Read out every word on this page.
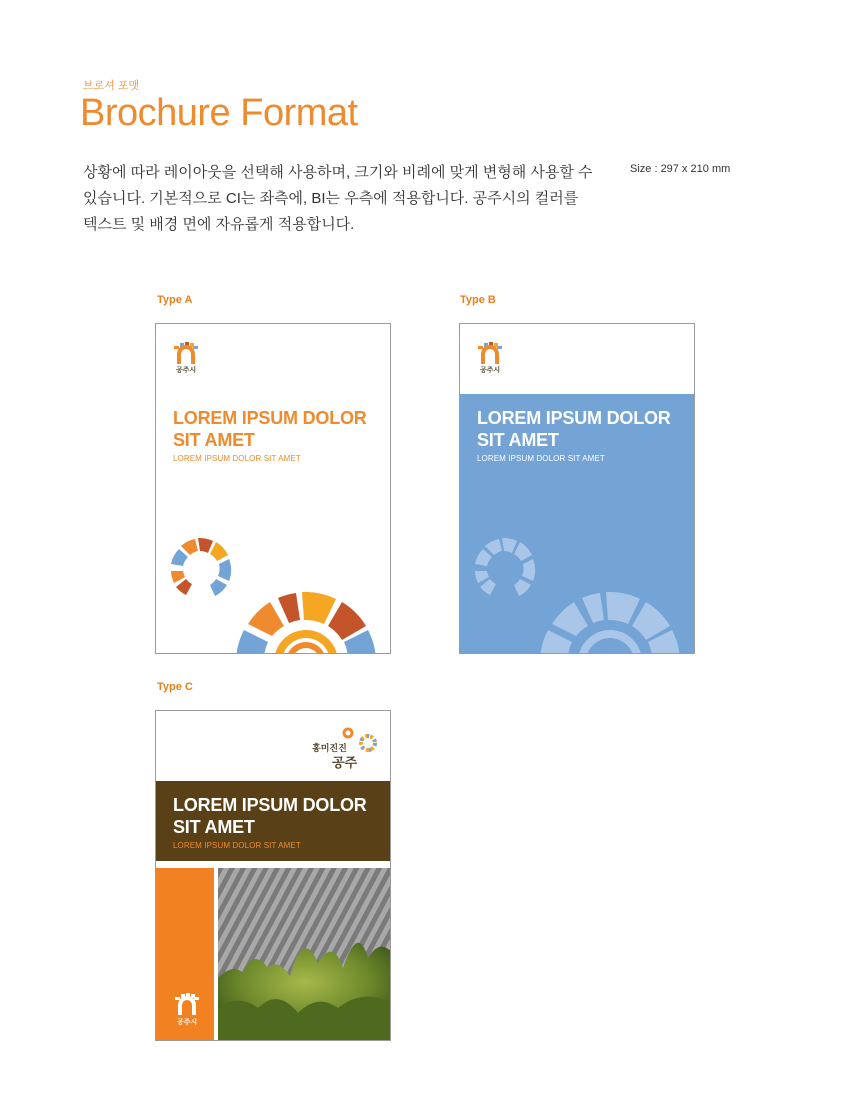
브로셔 포맷
Brochure Format
상황에 따라 레이아웃을 선택해 사용하며, 크기와 비례에 맞게 변형해 사용할 수
있습니다. 기본적으로 CI는 좌측에, BI는 우측에 적용합니다. 공주시의 컬러를
텍스트 및 배경 면에 자유롭게 적용합니다.
Size : 297 x 210 mm
Type A
공주시
LOREM IPSUM DOLOR
SIT AMET
LOREM IPSUM DOLOR SIT AMET
Type B
공주시
LOREM IPSUM DOLOR
SIT AMET
LOREM IPSUM DOLOR SIT AMET
Type C
홍미진진
공주
LOREM IPSUM DOLOR
SIT AMET
LOREM IPSUM DOLOR SIT AMET
공주시
